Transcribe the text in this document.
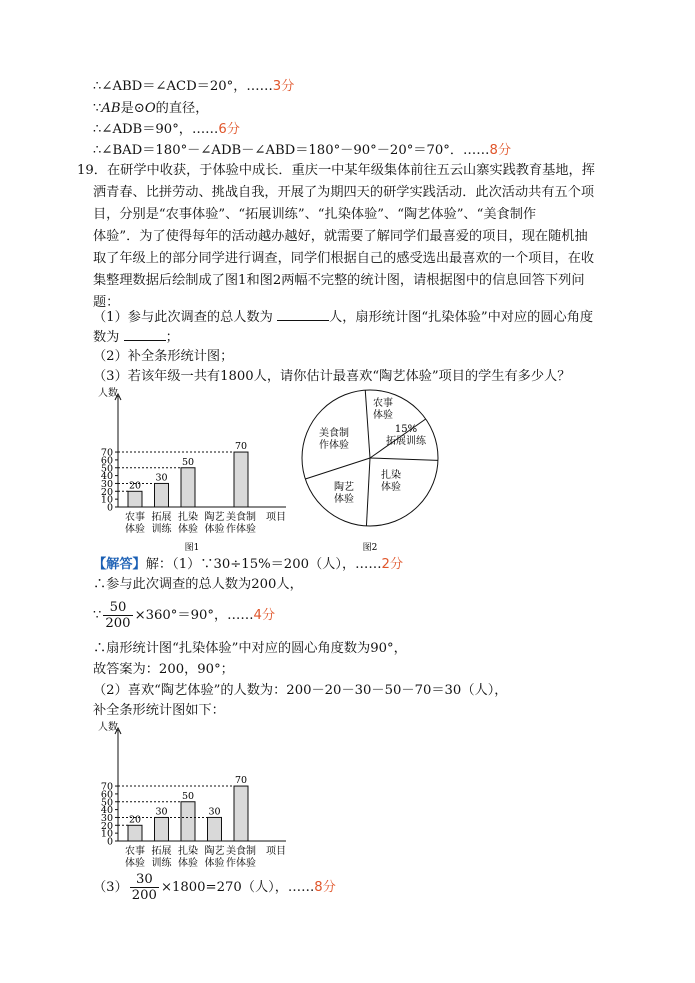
∴∠ABD＝∠ACD＝20°，……3分
∵AB是⊙O的直径，
∴∠ADB＝90°，……6分
∴∠BAD＝180°－∠ADB－∠ABD＝180°－90°－20°＝70°．……8分
19．在研学中收获，于体验中成长．重庆一中某年级集体前往五云山寨实践教育基地，挥
洒青春、比拼劳动、挑战自我，开展了为期四天的研学实践活动．此次活动共有五个项
目，分别是“农事体验”、“拓展训练”、“扎染体验”、“陶艺体验”、“美食制作
体验”．为了使得每年的活动越办越好，就需要了解同学们最喜爱的项目，现在随机抽
取了年级上的部分同学进行调查，同学们根据自己的感受选出最喜欢的一个项目，在收
集整理数据后绘制成了图1和图2两幅不完整的统计图，请根据图中的信息回答下列问
题：
（1）参与此次调查的总人数为	人，扇形统计图“扎染体验”中对应的圆心角度
数为	；
（2）补全条形统计图；
（3）若该年级一共有1800人，请你估计最喜欢“陶艺体验”项目的学生有多少人？
人数
0
10
20
30
40
50
60
70
20
农事
体验
30
拓展
训练
50
扎染
体验
陶艺
体验
70
美食制
作体验
项目
图1
农事
体验
15%
拓展训练
扎染
体验
陶艺
体验
美食制
作体验
图2
【解答】解：（1）∵30÷15%＝200（人），……2分
∴参与此次调查的总人数为200人，
∵ $\frac{50}{200} \times 360^\circ=90^\circ$，……4分
∴扇形统计图“扎染体验”中对应的圆心角度数为90°，
故答案为：200，90°；
（2）喜欢“陶艺体验”的人数为：200－20－30－50－70＝30（人），
补全条形统计图如下：
人数
0
10
20
30
40
50
60
70
20
农事
体验
30
拓展
训练
50
扎染
体验
30
陶艺
体验
70
美食制
作体验
项目
$(3) \frac{30}{200} \times 1800=270$（人），……8分
